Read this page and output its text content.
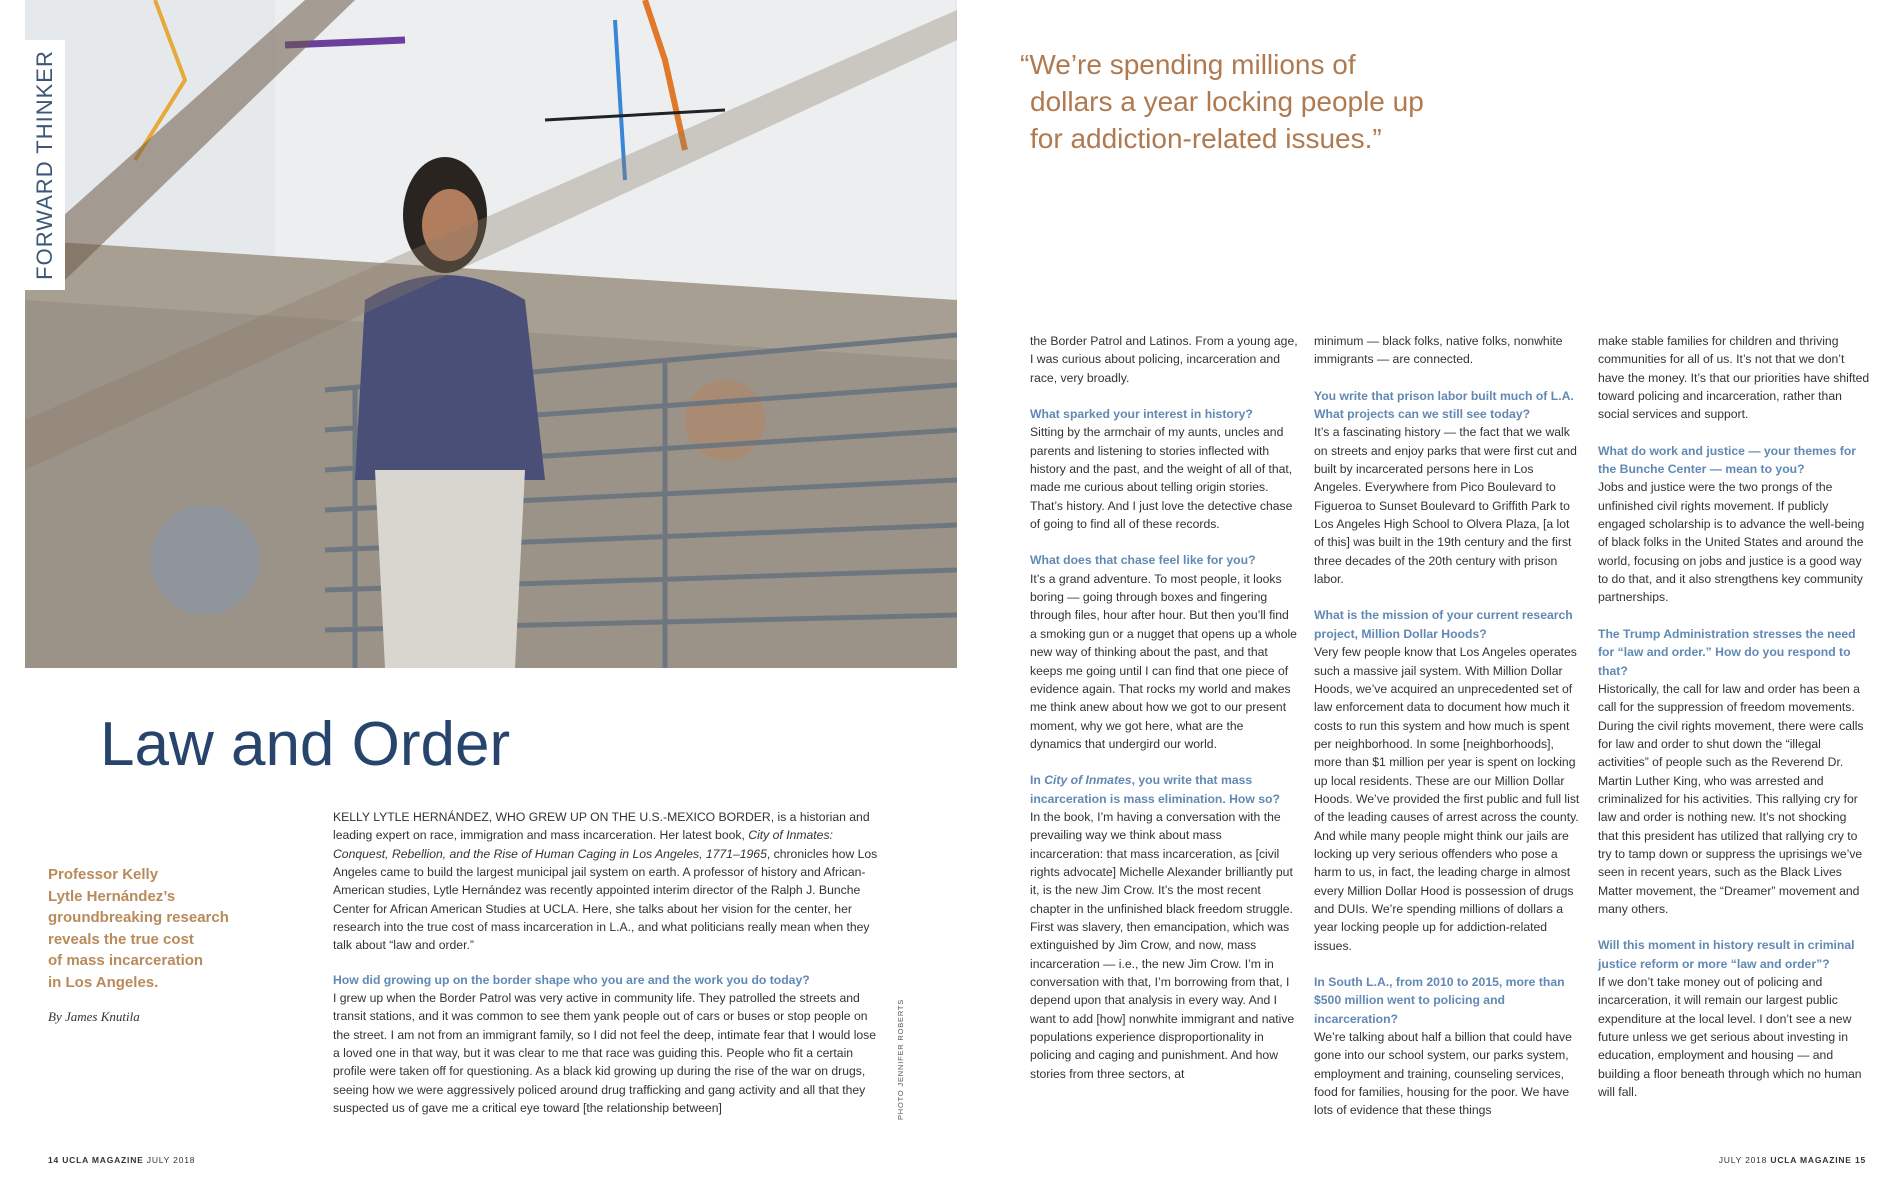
FORWARD THINKER	“We’re spending millions of
dollars a year locking people up
for addiction-related issues.”
Law and Order
Professor Kelly
Lytle Hernández’s
groundbreaking research
reveals the true cost
of mass incarceration
in Los Angeles.
By James Knutila

KELLY LYTLE HERNÁNDEZ, WHO GREW UP ON THE U.S.-MEXICO BORDER, is a historian and leading expert on race, immigration and mass incarceration. Her latest book, City of Inmates: Conquest, Rebellion, and the Rise of Human Caging in Los Angeles, 1771–1965, chronicles how Los Angeles came to build the largest municipal jail system on earth. A professor of history and African-American studies, Lytle Hernández was recently appointed interim director of the Ralph J. Bunche Center for African American Studies at UCLA. Here, she talks about her vision for the center, her research into the true cost of mass incarceration in L.A., and what politicians really mean when they talk about “law and order.”

How did growing up on the border shape who you are and the work you do today?

I grew up when the Border Patrol was very active in community life. They patrolled the streets and transit stations, and it was common to see them yank people out of cars or buses or stop people on the street. I am not from an immigrant family, so I did not feel the deep, intimate fear that I would lose a loved one in that way, but it was clear to me that race was guiding this. People who fit a certain profile were taken off for questioning. As a black kid growing up during the rise of the war on drugs, seeing how we were aggressively policed around drug trafficking and gang activity and all that they suspected us of gave me a critical eye toward [the relationship between]	PHOTO JENNIFER ROBERTS

the Border Patrol and Latinos. From a young age, I was curious about policing, incarceration and race, very broadly.

What sparked your interest in history?

Sitting by the armchair of my aunts, uncles and parents and listening to stories inflected with history and the past, and the weight of all of that, made me curious about telling origin stories. That’s history. And I just love the detective chase of going to find all of these records.

What does that chase feel like for you?

It’s a grand adventure. To most people, it looks boring — going through boxes and fingering through files, hour after hour. But then you’ll find a smoking gun or a nugget that opens up a whole new way of thinking about the past, and that keeps me going until I can find that one piece of evidence again. That rocks my world and makes me think anew about how we got to our present moment, why we got here, what are the dynamics that undergird our world.

In City of Inmates, you write that mass incarceration is mass elimination. How so?

In the book, I’m having a conversation with the prevailing way we think about mass incarceration: that mass incarceration, as [civil rights advocate] Michelle Alexander brilliantly put it, is the new Jim Crow. It’s the most recent chapter in the unfinished black freedom struggle. First was slavery, then emancipation, which was extinguished by Jim Crow, and now, mass incarceration — i.e., the new Jim Crow. I’m in conversation with that, I’m borrowing from that, I depend upon that analysis in every way. And I want to add [how] nonwhite immigrant and native populations experience disproportionality in policing and caging and punishment. And how stories from three sectors, at

minimum — black folks, native folks, nonwhite immigrants — are connected.

You write that prison labor built much of L.A. What projects can we still see today?

It’s a fascinating history — the fact that we walk on streets and enjoy parks that were first cut and built by incarcerated persons here in Los Angeles. Everywhere from Pico Boulevard to Figueroa to Sunset Boulevard to Griffith Park to Los Angeles High School to Olvera Plaza, [a lot of this] was built in the 19th century and the first three decades of the 20th century with prison labor.

What is the mission of your current research project, Million Dollar Hoods?

Very few people know that Los Angeles operates such a massive jail system. With Million Dollar Hoods, we’ve acquired an unprecedented set of law enforcement data to document how much it costs to run this system and how much is spent per neighborhood. In some [neighborhoods], more than $1 million per year is spent on locking up local residents. These are our Million Dollar Hoods. We’ve provided the first public and full list of the leading causes of arrest across the county. And while many people might think our jails are locking up very serious offenders who pose a harm to us, in fact, the leading charge in almost every Million Dollar Hood is possession of drugs and DUIs. We’re spending millions of dollars a year locking people up for addiction-related issues.

In South L.A., from 2010 to 2015, more than $500 million went to policing and incarceration?

We’re talking about half a billion that could have gone into our school system, our parks system, employment and training, counseling services, food for families, housing for the poor. We have lots of evidence that these things

make stable families for children and thriving communities for all of us. It’s not that we don’t have the money. It’s that our priorities have shifted toward policing and incarceration, rather than social services and support.

What do work and justice — your themes for the Bunche Center — mean to you?

Jobs and justice were the two prongs of the unfinished civil rights movement. If publicly engaged scholarship is to advance the well-being of black folks in the United States and around the world, focusing on jobs and justice is a good way to do that, and it also strengthens key community partnerships.

The Trump Administration stresses the need for “law and order.” How do you respond to that?

Historically, the call for law and order has been a call for the suppression of freedom movements. During the civil rights movement, there were calls for law and order to shut down the “illegal activities” of people such as the Reverend Dr. Martin Luther King, who was arrested and criminalized for his activities. This rallying cry for law and order is nothing new. It’s not shocking that this president has utilized that rallying cry to try to tamp down or suppress the uprisings we’ve seen in recent years, such as the Black Lives Matter movement, the “Dreamer” movement and many others.

Will this moment in history result in criminal justice reform or more “law and order”?

If we don’t take money out of policing and incarceration, it will remain our largest public expenditure at the local level. I don’t see a new future unless we get serious about investing in education, employment and housing — and building a floor beneath through which no human will fall.

14 UCLA MAGAZINE JULY 2018	JULY 2018 UCLA MAGAZINE 15
